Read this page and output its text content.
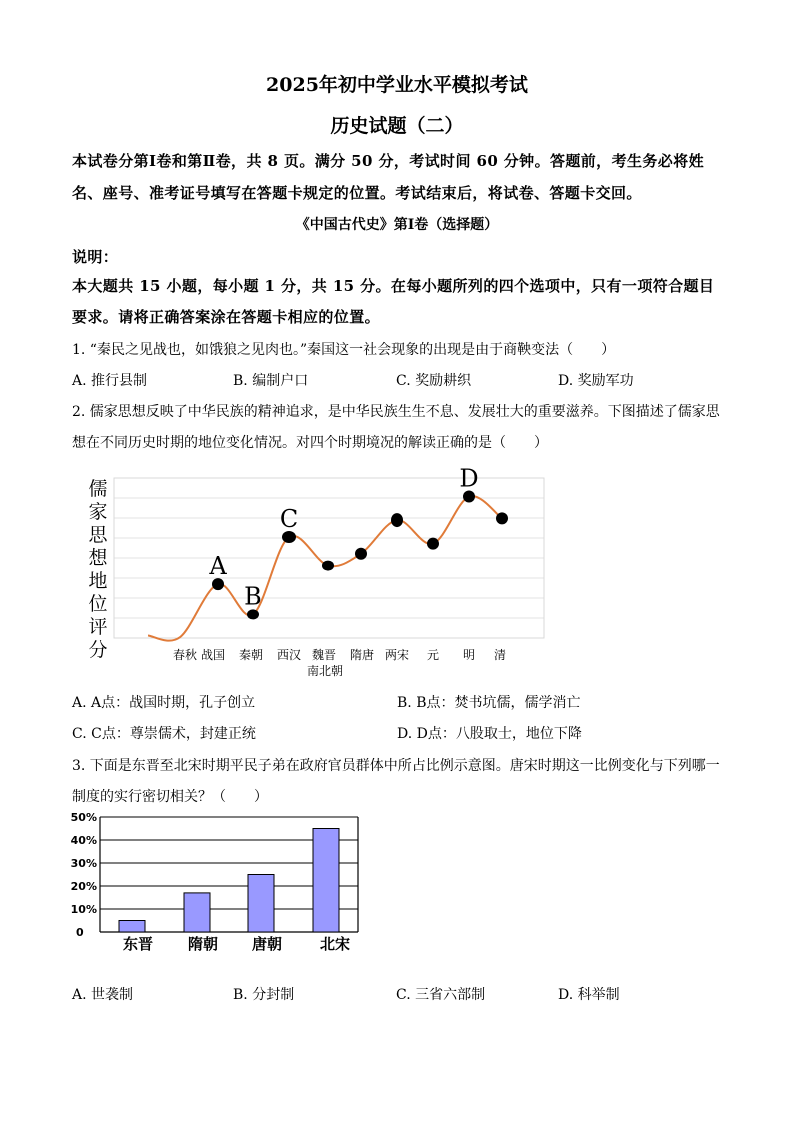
2025年初中学业水平模拟考试
历史试题（二）
本试卷分第Ⅰ卷和第Ⅱ卷，共 8 页。满分 50 分，考试时间 60 分钟。答题前，考生务必将姓
名、座号、准考证号填写在答题卡规定的位置。考试结束后，将试卷、答题卡交回。
《中国古代史》第Ⅰ卷（选择题）
说明：
本大题共 15 小题，每小题 1 分，共 15 分。在每小题所列的四个选项中，只有一项符合题目
要求。请将正确答案涂在答题卡相应的位置。
1. “秦民之见战也，如饿狼之见肉也。”秦国这一社会现象的出现是由于商鞅变法（　　）
A. 推行县制	B. 编制户口	C. 奖励耕织	D. 奖励军功
2. 儒家思想反映了中华民族的精神追求，是中华民族生生不息、发展壮大的重要滋养。下图描述了儒家思
想在不同历史时期的地位变化情况。对四个时期境况的解读正确的是（　　）
儒家思想地位评分
A
B
C
D
春秋 战国 秦朝 西汉 魏晋
南北朝
隋唐 两宋 元 明 清
A. A点：战国时期，孔子创立	B. B点：焚书坑儒，儒学消亡
C. C点：尊崇儒术，封建正统	D. D点：八股取士，地位下降
3. 下面是东晋至北宋时期平民子弟在政府官员群体中所占比例示意图。唐宋时期这一比例变化与下列哪一
制度的实行密切相关？（　　）
0
10%
20%
30%
40%
50%
东晋 隋朝 唐朝	北宋
A. 世袭制	B. 分封制	C. 三省六部制	D. 科举制
